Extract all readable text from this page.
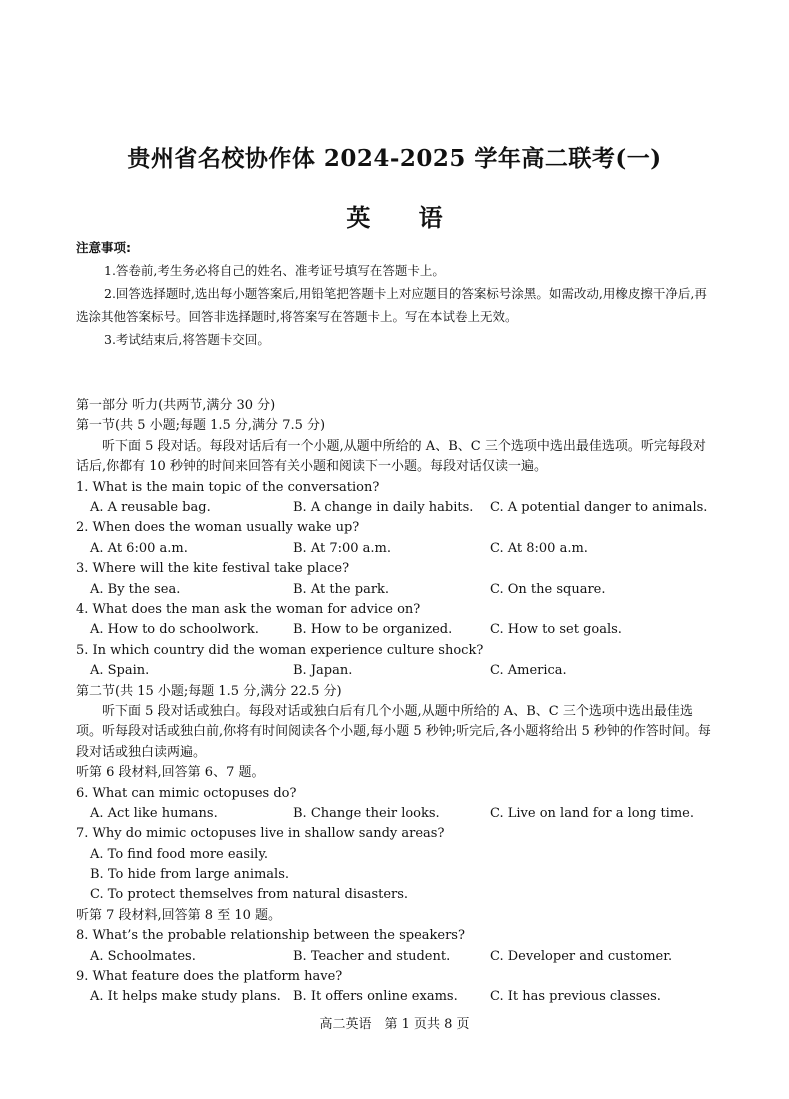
贵州省名校协作体 2024-2025 学年高二联考(一)
英 语
注意事项:

1.答卷前,考生务必将自己的姓名、准考证号填写在答题卡上。

2.回答选择题时,选出每小题答案后,用铅笔把答题卡上对应题目的答案标号涂黑。如需改动,用橡皮擦干净后,再选涂其他答案标号。回答非选择题时,将答案写在答题卡上。写在本试卷上无效。

3.考试结束后,将答题卡交回。

第一部分 听力(共两节,满分 30 分)
第一节(共 5 小题;每题 1.5 分,满分 7.5 分)

听下面 5 段对话。每段对话后有一个小题,从题中所给的 A、B、C 三个选项中选出最佳选项。听完每段对话后,你都有 10 秒钟的时间来回答有关小题和阅读下一小题。每段对话仅读一遍。

1. What is the main topic of the conversation?
A. A reusable bag.	B. A change in daily habits.	C. A potential danger to animals.
2. When does the woman usually wake up?
A. At 6:00 a.m.	B. At 7:00 a.m.	C. At 8:00 a.m.
3. Where will the kite festival take place?
A. By the sea.	B. At the park.	C. On the square.
4. What does the man ask the woman for advice on?
A. How to do schoolwork.	B. How to be organized.	C. How to set goals.
5. In which country did the woman experience culture shock?
A. Spain.	B. Japan.	C. America.
第二节(共 15 小题;每题 1.5 分,满分 22.5 分)

听下面 5 段对话或独白。每段对话或独白后有几个小题,从题中所给的 A、B、C 三个选项中选出最佳选项。听每段对话或独白前,你将有时间阅读各个小题,每小题 5 秒钟;听完后,各小题将给出 5 秒钟的作答时间。每段对话或独白读两遍。

听第 6 段材料,回答第 6、7 题。
6. What can mimic octopuses do?
A. Act like humans.	B. Change their looks.	C. Live on land for a long time.
7. Why do mimic octopuses live in shallow sandy areas?
A. To find food more easily.
B. To hide from large animals.
C. To protect themselves from natural disasters.
听第 7 段材料,回答第 8 至 10 题。
8. What’s the probable relationship between the speakers?
A. Schoolmates.	B. Teacher and student.	C. Developer and customer.
9. What feature does the platform have?
A. It helps make study plans. B. It offers online exams.	C. It has previous classes.
高二英语　第 1 页共 8 页
